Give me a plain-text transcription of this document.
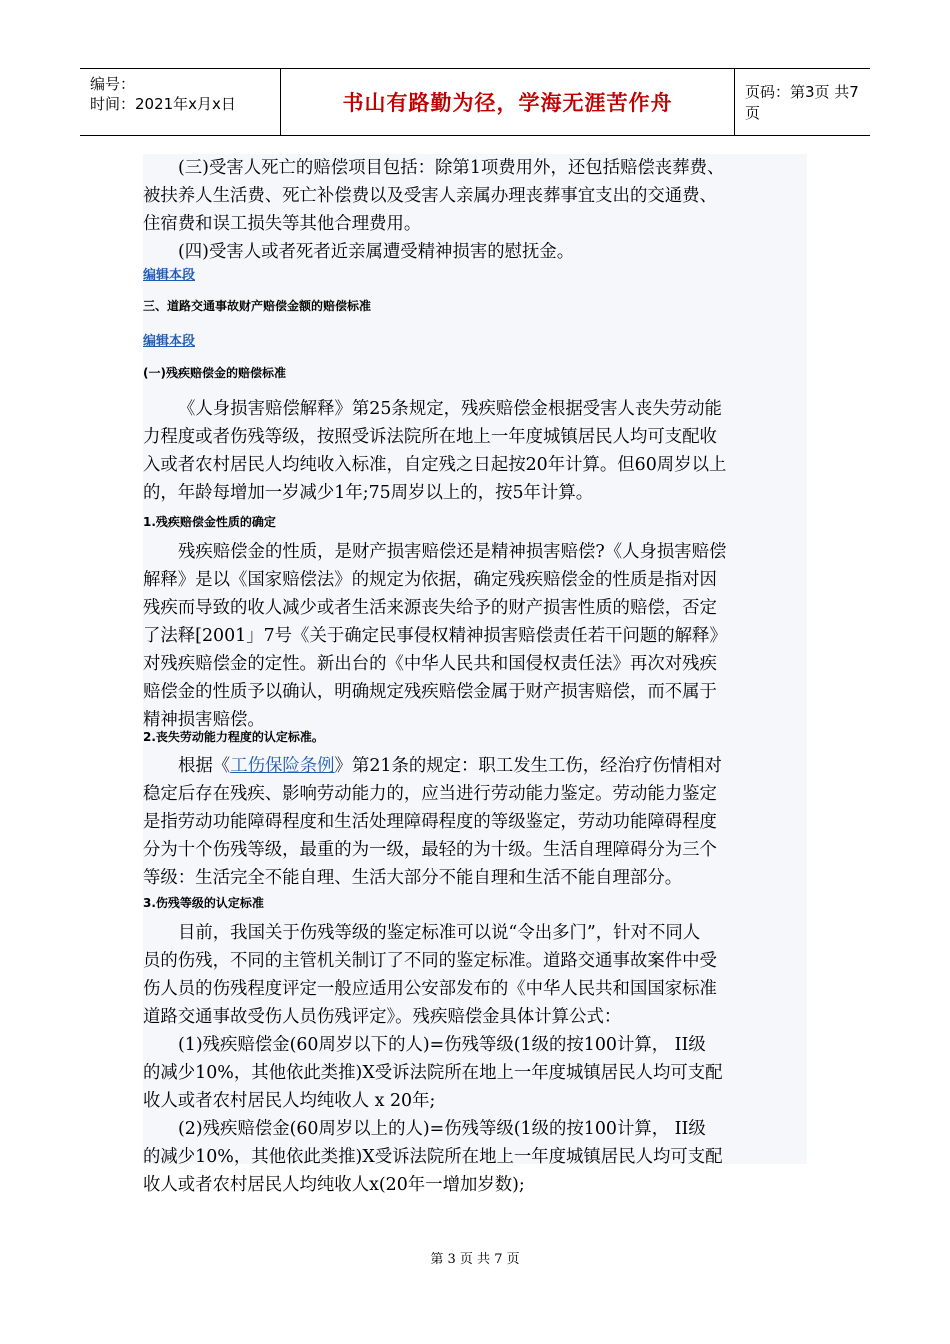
编号：
时间：2021年x月x日	书山有路勤为径，学海无涯苦作舟	页码：第3页 共7页
(三)受害人死亡的赔偿项目包括：除第1项费用外，还包括赔偿丧葬费、
被扶养人生活费、死亡补偿费以及受害人亲属办理丧葬事宜支出的交通费、
住宿费和误工损失等其他合理费用。
(四)受害人或者死者近亲属遭受精神损害的慰抚金。
编辑本段
三、道路交通事故财产赔偿金额的赔偿标准
编辑本段
(一)残疾赔偿金的赔偿标准
《人身损害赔偿解释》第25条规定，残疾赔偿金根据受害人丧失劳动能
力程度或者伤残等级，按照受诉法院所在地上一年度城镇居民人均可支配收
入或者农村居民人均纯收入标准，自定残之日起按20年计算。但60周岁以上
的，年龄每增加一岁减少1年;75周岁以上的，按5年计算。
1.残疾赔偿金性质的确定
残疾赔偿金的性质，是财产损害赔偿还是精神损害赔偿?《人身损害赔偿
解释》是以《国家赔偿法》的规定为依据，确定残疾赔偿金的性质是指对因
残疾而导致的收人减少或者生活来源丧失给予的财产损害性质的赔偿，否定
了法释[2001」7号《关于确定民事侵权精神损害赔偿责任若干问题的解释》
对残疾赔偿金的定性。新出台的《中华人民共和国侵权责任法》再次对残疾
赔偿金的性质予以确认，明确规定残疾赔偿金属于财产损害赔偿，而不属于
精神损害赔偿。
2.丧失劳动能力程度的认定标准。
根据《工伤保险条例》第21条的规定：职工发生工伤，经治疗伤情相对
稳定后存在残疾、影响劳动能力的，应当进行劳动能力鉴定。劳动能力鉴定
是指劳动功能障碍程度和生活处理障碍程度的等级鉴定，劳动功能障碍程度
分为十个伤残等级，最重的为一级，最轻的为十级。生活自理障碍分为三个
等级：生活完全不能自理、生活大部分不能自理和生活不能自理部分。
3.伤残等级的认定标准
目前，我国关于伤残等级的鉴定标准可以说“令出多门”，针对不同人
员的伤残，不同的主管机关制订了不同的鉴定标准。道路交通事故案件中受
伤人员的伤残程度评定一般应适用公安部发布的《中华人民共和国国家标准
道路交通事故受伤人员伤残评定》。残疾赔偿金具体计算公式：
(1)残疾赔偿金(60周岁以下的人)=伤残等级(1级的按100计算， II级
的减少10%，其他依此类推)X受诉法院所在地上一年度城镇居民人均可支配
收人或者农村居民人均纯收人 x 20年;
(2)残疾赔偿金(60周岁以上的人)=伤残等级(1级的按100计算， II级
的减少10%，其他依此类推)X受诉法院所在地上一年度城镇居民人均可支配
收人或者农村居民人均纯收人x(20年一增加岁数);
第 3 页 共 7 页
